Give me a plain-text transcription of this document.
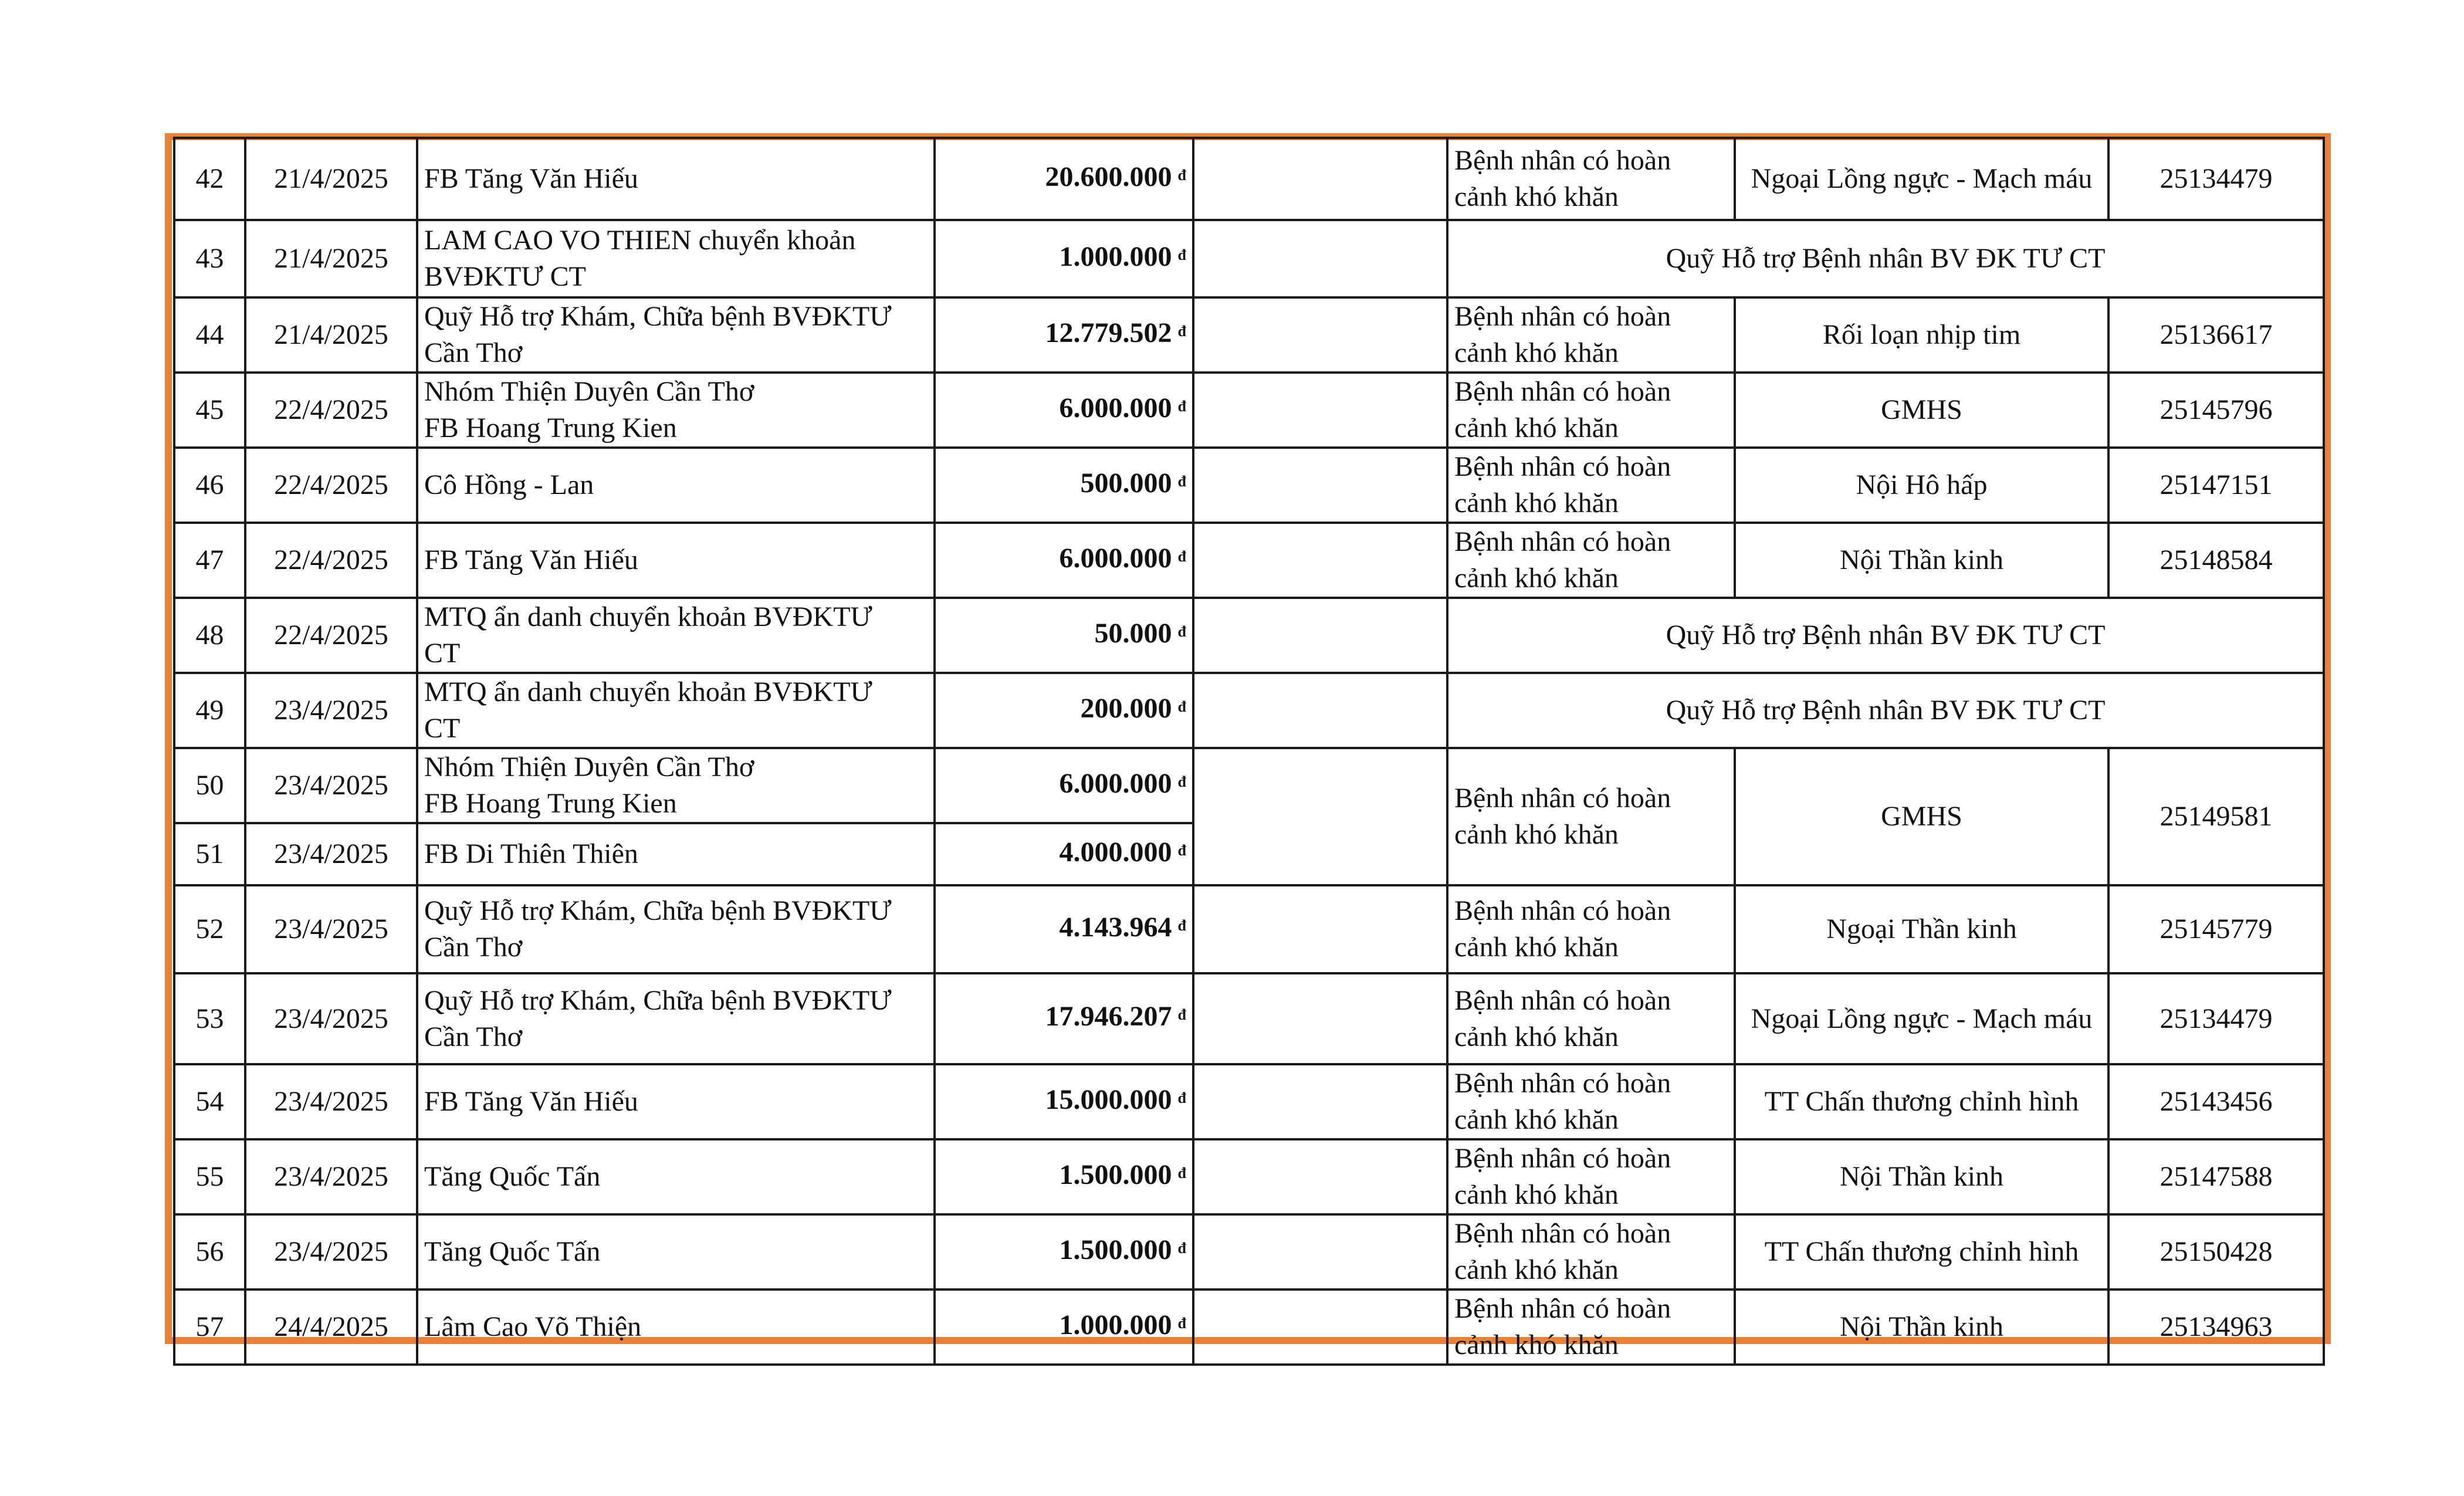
42	21/4/2025	FB Tăng Văn Hiếu	20.600.000 $^đ$		Bệnh nhân có hoàn
cảnh khó khăn	Ngoại Lồng ngực - Mạch máu	25134479
43	21/4/2025	LAM CAO VO THIEN chuyển khoản
BVĐKTƯ CT	1.000.000 $^đ$		Quỹ Hỗ trợ Bệnh nhân BV ĐK TƯ CT		
44	21/4/2025	Quỹ Hỗ trợ Khám, Chữa bệnh BVĐKTƯ
Cần Thơ	12.779.502 $^đ$		Bệnh nhân có hoàn
cảnh khó khăn	Rối loạn nhịp tim	25136617
45	22/4/2025	Nhóm Thiện Duyên Cần Thơ
FB Hoang Trung Kien	6.000.000 $^đ$		Bệnh nhân có hoàn
cảnh khó khăn	GMHS	25145796
46	22/4/2025	Cô Hồng - Lan	500.000 $^đ$		Bệnh nhân có hoàn
cảnh khó khăn	Nội Hô hấp	25147151
47	22/4/2025	FB Tăng Văn Hiếu	6.000.000 $^đ$		Bệnh nhân có hoàn
cảnh khó khăn	Nội Thần kinh	25148584
48	22/4/2025	MTQ ẩn danh chuyển khoản BVĐKTƯ
CT	50.000 $^đ$		Quỹ Hỗ trợ Bệnh nhân BV ĐK TƯ CT		
49	23/4/2025	MTQ ẩn danh chuyển khoản BVĐKTƯ
CT	200.000 $^đ$		Quỹ Hỗ trợ Bệnh nhân BV ĐK TƯ CT		
50	23/4/2025	Nhóm Thiện Duyên Cần Thơ
FB Hoang Trung Kien	6.000.000 $^đ$		Bệnh nhân có hoàn
cảnh khó khăn	GMHS	25149581
51	23/4/2025	FB Di Thiên Thiên	4.000.000 $^đ$
52	23/4/2025	Quỹ Hỗ trợ Khám, Chữa bệnh BVĐKTƯ
Cần Thơ	4.143.964 $^đ$		Bệnh nhân có hoàn
cảnh khó khăn	Ngoại Thần kinh	25145779
53	23/4/2025	Quỹ Hỗ trợ Khám, Chữa bệnh BVĐKTƯ
Cần Thơ	17.946.207 $^đ$		Bệnh nhân có hoàn
cảnh khó khăn	Ngoại Lồng ngực - Mạch máu	25134479
54	23/4/2025	FB Tăng Văn Hiếu	15.000.000 $^đ$		Bệnh nhân có hoàn
cảnh khó khăn	TT Chấn thương chỉnh hình	25143456
55	23/4/2025	Tăng Quốc Tấn	1.500.000 $^đ$		Bệnh nhân có hoàn
cảnh khó khăn	Nội Thần kinh	25147588
56	23/4/2025	Tăng Quốc Tấn	1.500.000 $^đ$		Bệnh nhân có hoàn
cảnh khó khăn	TT Chấn thương chỉnh hình	25150428
57	24/4/2025	Lâm Cao Võ Thiện	1.000.000 $^đ$		Bệnh nhân có hoàn
cảnh khó khăn	Nội Thần kinh	25134963
